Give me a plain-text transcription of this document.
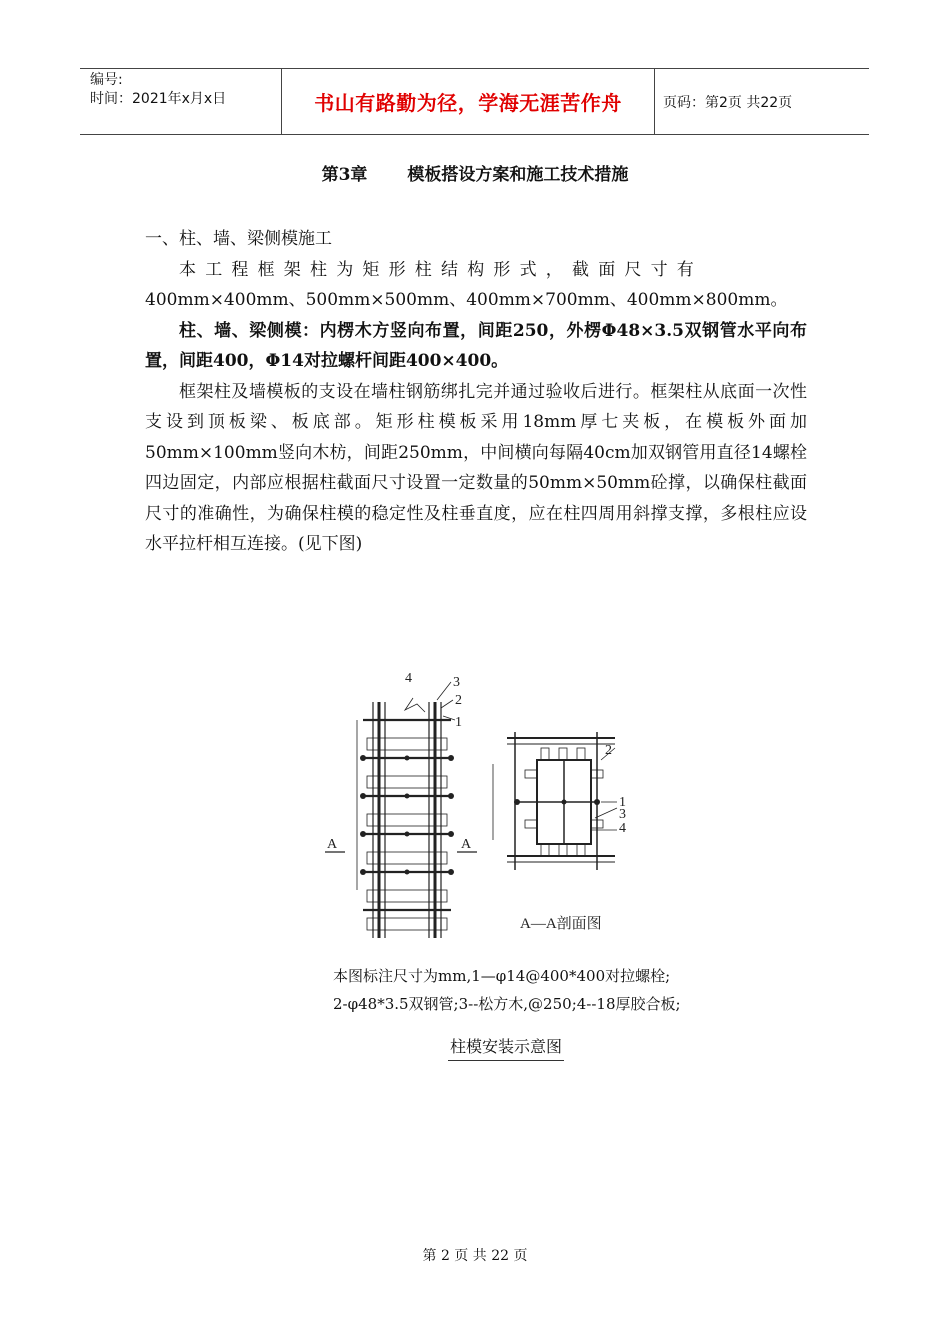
编号:
时间：2021年x月x日	书山有路勤为径，学海无涯苦作舟	页码：第2页 共22页
第3章 模板搭设方案和施工技术措施

一、柱、墙、梁侧模施工

本工程框架柱为矩形柱结构形式，截面尺寸有

400mm×400mm、500mm×500mm、400mm×700mm、400mm×800mm。

柱、墙、梁侧模：内楞木方竖向布置，间距250，外楞Φ48×3.5双钢管水平向布置，间距400，Φ14对拉螺杆间距400×400。

框架柱及墙模板的支设在墙柱钢筋绑扎完并通过验收后进行。框架柱从底面一次性支设到顶板梁、板底部。矩形柱模板采用18mm厚七夹板，在模板外面加50mm×100mm竖向木枋，间距250mm，中间横向每隔40cm加双钢管用直径14螺栓四边固定，内部应根据柱截面尺寸设置一定数量的50mm×50mm砼撑，以确保柱截面尺寸的准确性，为确保柱模的稳定性及柱垂直度，应在柱四周用斜撑支撑，多根柱应设水平拉杆相互连接。(见下图)

4	3
2
1
A	A
2
1
4
3
A—A剖面图
本图标注尺寸为mm,1—φ14@400*400对拉螺栓;
2-φ48*3.5双钢管;3--松方木,@250;4--18厚胶合板;
柱模安装示意图
第 2 页 共 22 页
